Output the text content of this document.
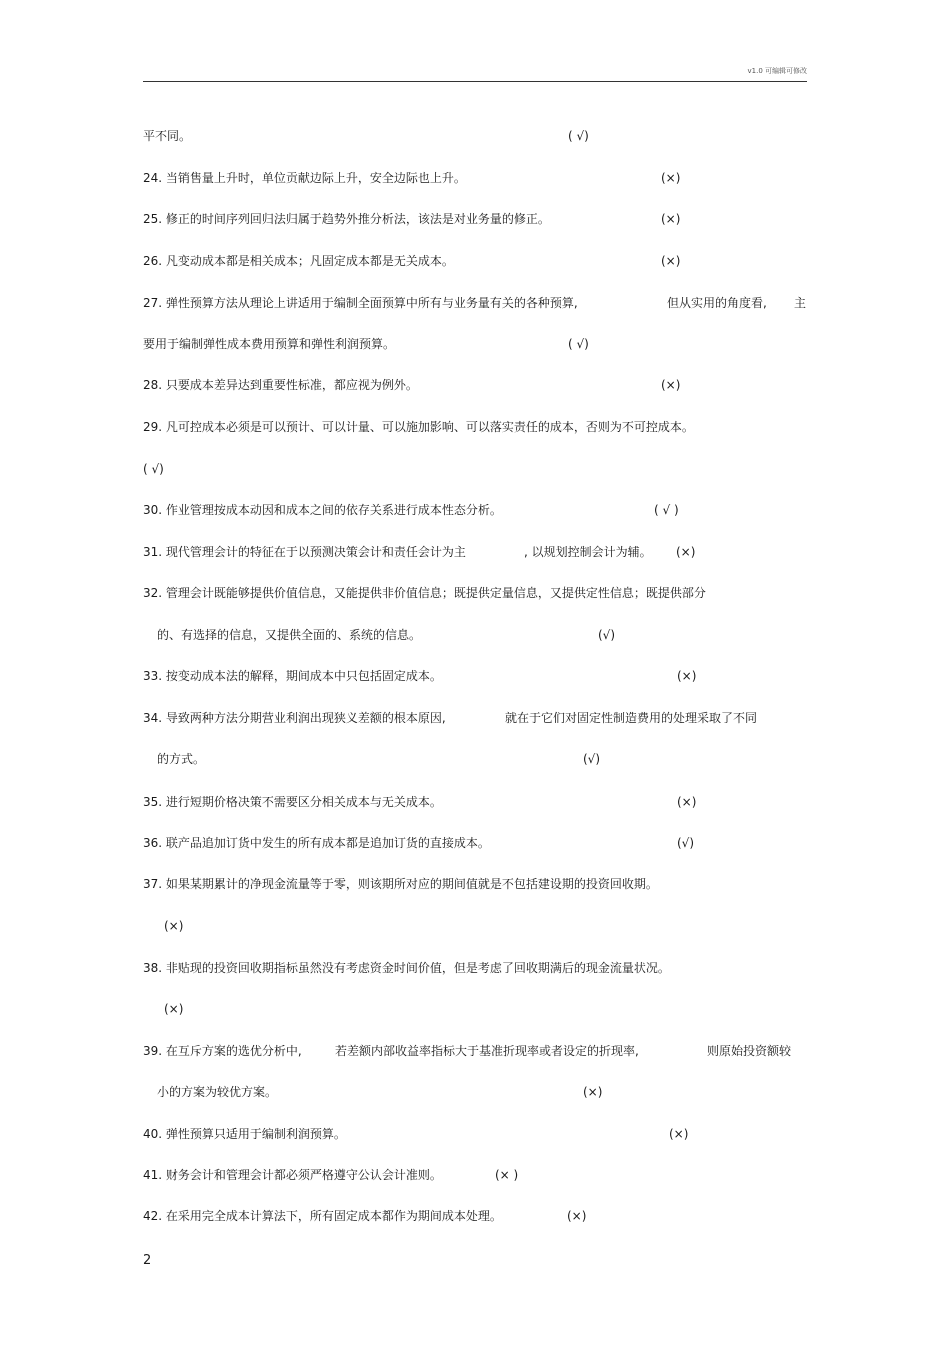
v1.0 可编辑可修改
平不同。	( √)
24. 当销售量上升时，单位贡献边际上升，安全边际也上升。	(×)
25. 修正的时间序列回归法归属于趋势外推分析法，该法是对业务量的修正。	(×)
26. 凡变动成本都是相关成本；凡固定成本都是无关成本。	(×)
27. 弹性预算方法从理论上讲适用于编制全面预算中所有与业务量有关的各种预算,	但从实用的角度看, 主
要用于编制弹性成本费用预算和弹性利润预算。	( √)
28. 只要成本差异达到重要性标准，都应视为例外。	(×)
29. 凡可控成本必须是可以预计、可以计量、可以施加影响、可以落实责任的成本，否则为不可控成本。
( √)
30. 作业管理按成本动因和成本之间的依存关系进行成本性态分析。	( √ )
31. 现代管理会计的特征在于以预测决策会计和责任会计为主	, 以规划控制会计为辅。 (×)
32. 管理会计既能够提供价值信息，又能提供非价值信息；既提供定量信息，又提供定性信息；既提供部分
的、有选择的信息，又提供全面的、系统的信息。	(√)
33. 按变动成本法的解释，期间成本中只包括固定成本。	(×)
34. 导致两种方法分期营业利润出现狭义差额的根本原因,	就在于它们对固定性制造费用的处理采取了不同
的方式。	(√)
35. 进行短期价格决策不需要区分相关成本与无关成本。	(×)
36. 联产品追加订货中发生的所有成本都是追加订货的直接成本。	(√)
37. 如果某期累计的净现金流量等于零，则该期所对应的期间值就是不包括建设期的投资回收期。
(×)
38. 非贴现的投资回收期指标虽然没有考虑资金时间价值，但是考虑了回收期满后的现金流量状况。
(×)
39. 在互斥方案的选优分析中,	若差额内部收益率指标大于基准折现率或者设定的折现率,	则原始投资额较
小的方案为较优方案。	(×)
40. 弹性预算只适用于编制利润预算。	(×)
41. 财务会计和管理会计都必须严格遵守公认会计准则。	(× )
42. 在采用完全成本计算法下，所有固定成本都作为期间成本处理。	(×)
2
